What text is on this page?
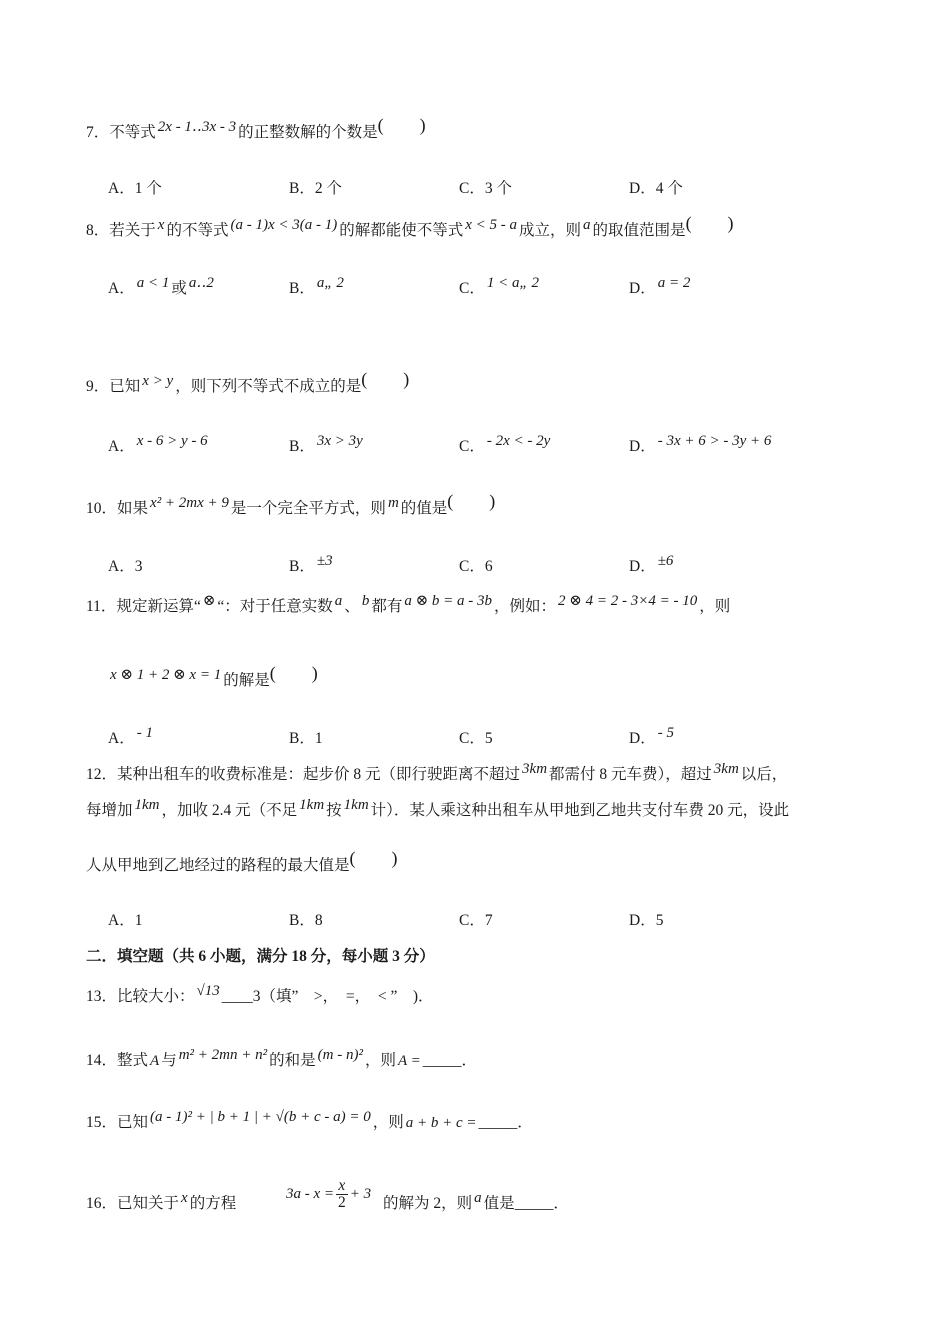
7．不等式 2x - 1‥3x - 3 的正整数解的个数是(　　)
A．1 个	B．2 个	C．3 个	D．4 个
8．若关于 x 的不等式 (a - 1)x < 3(a - 1) 的解都能使不等式 x < 5 - a 成立，则 a 的取值范围是(　　)
A． a < 1 或 a‥2	B． a„ 2	C． 1 < a„ 2	D． a = 2
9．已知 x > y ，则下列不等式不成立的是(　　)
A． x - 6 > y - 6	B． 3x > 3y	C． - 2x < - 2y	D． - 3x + 6 > - 3y + 6
10．如果 x² + 2mx + 9 是一个完全平方式，则 m 的值是(　　)
A．3	B． ±3	C．6	D． ±6
11．规定新运算“ ⊗ “：对于任意实数 a 、 b 都有 a ⊗ b = a - 3b ，例如： 2 ⊗ 4 = 2 - 3×4 = - 10 ，则
x ⊗ 1 + 2 ⊗ x = 1 的解是(　　)
A． - 1	B．1	C．5	D． - 5
12．某种出租车的收费标准是：起步价 8 元（即行驶距离不超过 3km 都需付 8 元车费），超过 3km 以后，
每增加 1km ，加收 2.4 元（不足 1km 按 1km 计）．某人乘这种出租车从甲地到乙地共支付车费 20 元，设此
人从甲地到乙地经过的路程的最大值是(　　)
A．1	B．8	C．7	D．5
二．填空题（共 6 小题，满分 18 分，每小题 3 分）
13．比较大小： √13 ____3（填”　>，　=，　< ”　)．
14．整式 A 与 m² + 2mn + n² 的和是 (m - n)² ，则 A = _____．
15．已知 (a - 1)² + | b + 1 | + √(b + c - a) = 0 ，则 a + b + c = _____．
16．已知关于 x 的方程  $3a - x = \frac{x}{2} + 3$ 的解为 2，则 a 值是_____．
